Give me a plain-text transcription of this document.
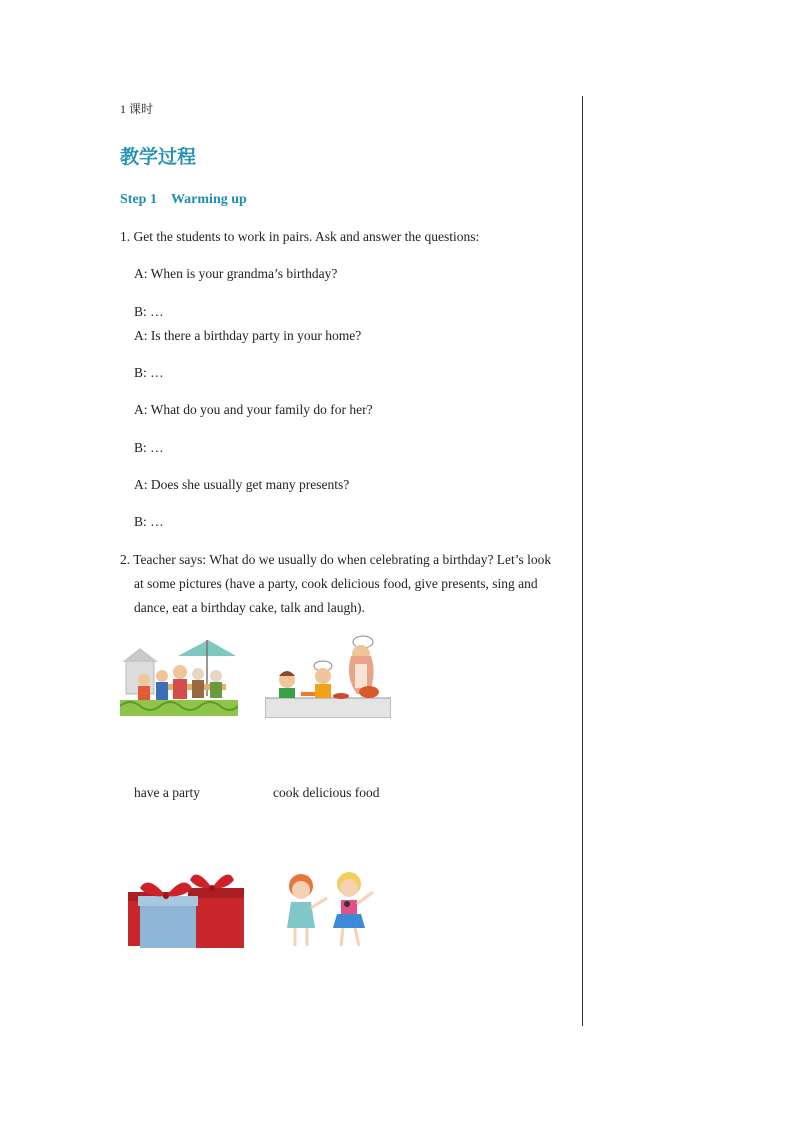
1 课时

教学过程

Step 1 Warming up

1. Get the students to work in pairs. Ask and answer the questions:

A: When is your grandma’s birthday?

B: …

A: Is there a birthday party in your home?

B: …

A: What do you and your family do for her?

B: …

A: Does she usually get many presents?

B: …

2. Teacher says: What do we usually do when celebrating a birthday? Let’s look
at some pictures (have a party, cook delicious food, give presents, sing and
dance, eat a birthday cake, talk and laugh).

have a party	cook delicious food
